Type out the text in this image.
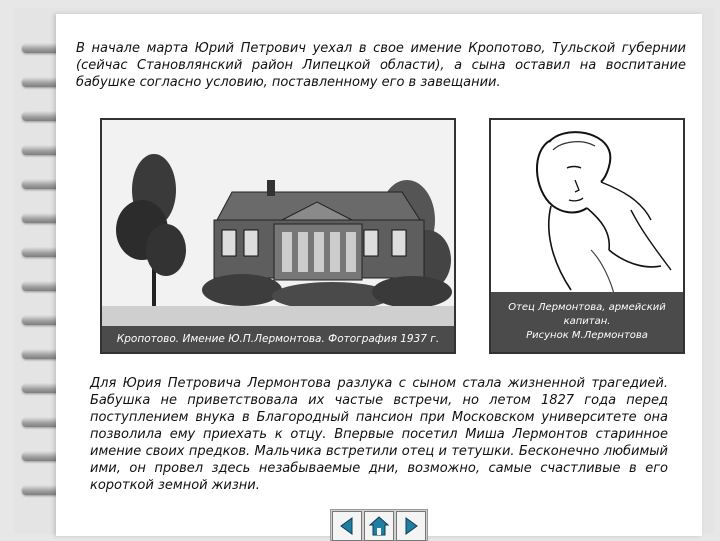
В начале марта Юрий Петрович уехал в свое имение Кропотово, Тульской губернии (сейчас Становлянский район Липецкой области), а сына оставил на воспитание бабушке согласно условию, поставленному его в завещании.
Кропотово. Имение Ю.П.Лермонтова. Фотография 1937 г.
Отец Лермонтова, армейский
капитан.
Рисунок М.Лермонтова
Для Юрия Петровича Лермонтова разлука с сыном стала жизненной трагедией. Бабушка не приветствовала их частые встречи, но летом 1827 года перед поступлением внука в Благородный пансион при Московском университете она позволила ему приехать к отцу. Впервые посетил Миша Лермонтов старинное имение своих предков. Мальчика встретили отец и тетушки. Бесконечно любимый ими, он провел здесь незабываемые дни, возможно, самые счастливые в его короткой земной жизни.
